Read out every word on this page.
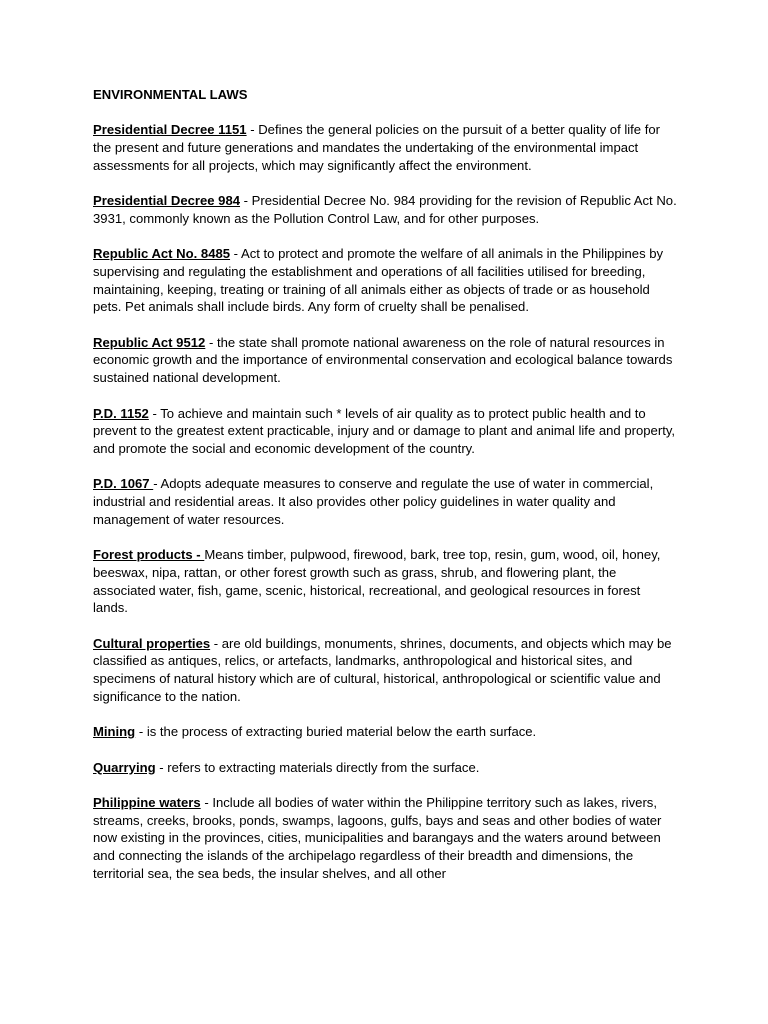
ENVIRONMENTAL LAWS

Presidential Decree 1151 - Defines the general policies on the pursuit of a better quality of life for the present and future generations and mandates the undertaking of the environmental impact assessments for all projects, which may significantly affect the environment.

Presidential Decree 984 - Presidential Decree No. 984 providing for the revision of Republic Act No. 3931, commonly known as the Pollution Control Law, and for other purposes.

Republic Act No. 8485 - Act to protect and promote the welfare of all animals in the Philippines by supervising and regulating the establishment and operations of all facilities utilised for breeding, maintaining, keeping, treating or training of all animals either as objects of trade or as household pets. Pet animals shall include birds. Any form of cruelty shall be penalised.

Republic Act 9512 - the state shall promote national awareness on the role of natural resources in economic growth and the importance of environmental conservation and ecological balance towards sustained national development.

P.D. 1152 - To achieve and maintain such * levels of air quality as to protect public health and to prevent to the greatest extent practicable, injury and or damage to plant and animal life and property, and promote the social and economic development of the country.

P.D. 1067 - Adopts adequate measures to conserve and regulate the use of water in commercial, industrial and residential areas. It also provides other policy guidelines in water quality and management of water resources.

Forest products - Means timber, pulpwood, firewood, bark, tree top, resin, gum, wood, oil, honey, beeswax, nipa, rattan, or other forest growth such as grass, shrub, and flowering plant, the associated water, fish, game, scenic, historical, recreational, and geological resources in forest lands.

Cultural properties - are old buildings, monuments, shrines, documents, and objects which may be classified as antiques, relics, or artefacts, landmarks, anthropological and historical sites, and specimens of natural history which are of cultural, historical, anthropological or scientific value and significance to the nation.

Mining - is the process of extracting buried material below the earth surface.

Quarrying - refers to extracting materials directly from the surface.

Philippine waters - Include all bodies of water within the Philippine territory such as lakes, rivers, streams, creeks, brooks, ponds, swamps, lagoons, gulfs, bays and seas and other bodies of water now existing in the provinces, cities, municipalities and barangays and the waters around between and connecting the islands of the archipelago regardless of their breadth and dimensions, the territorial sea, the sea beds, the insular shelves, and all other
